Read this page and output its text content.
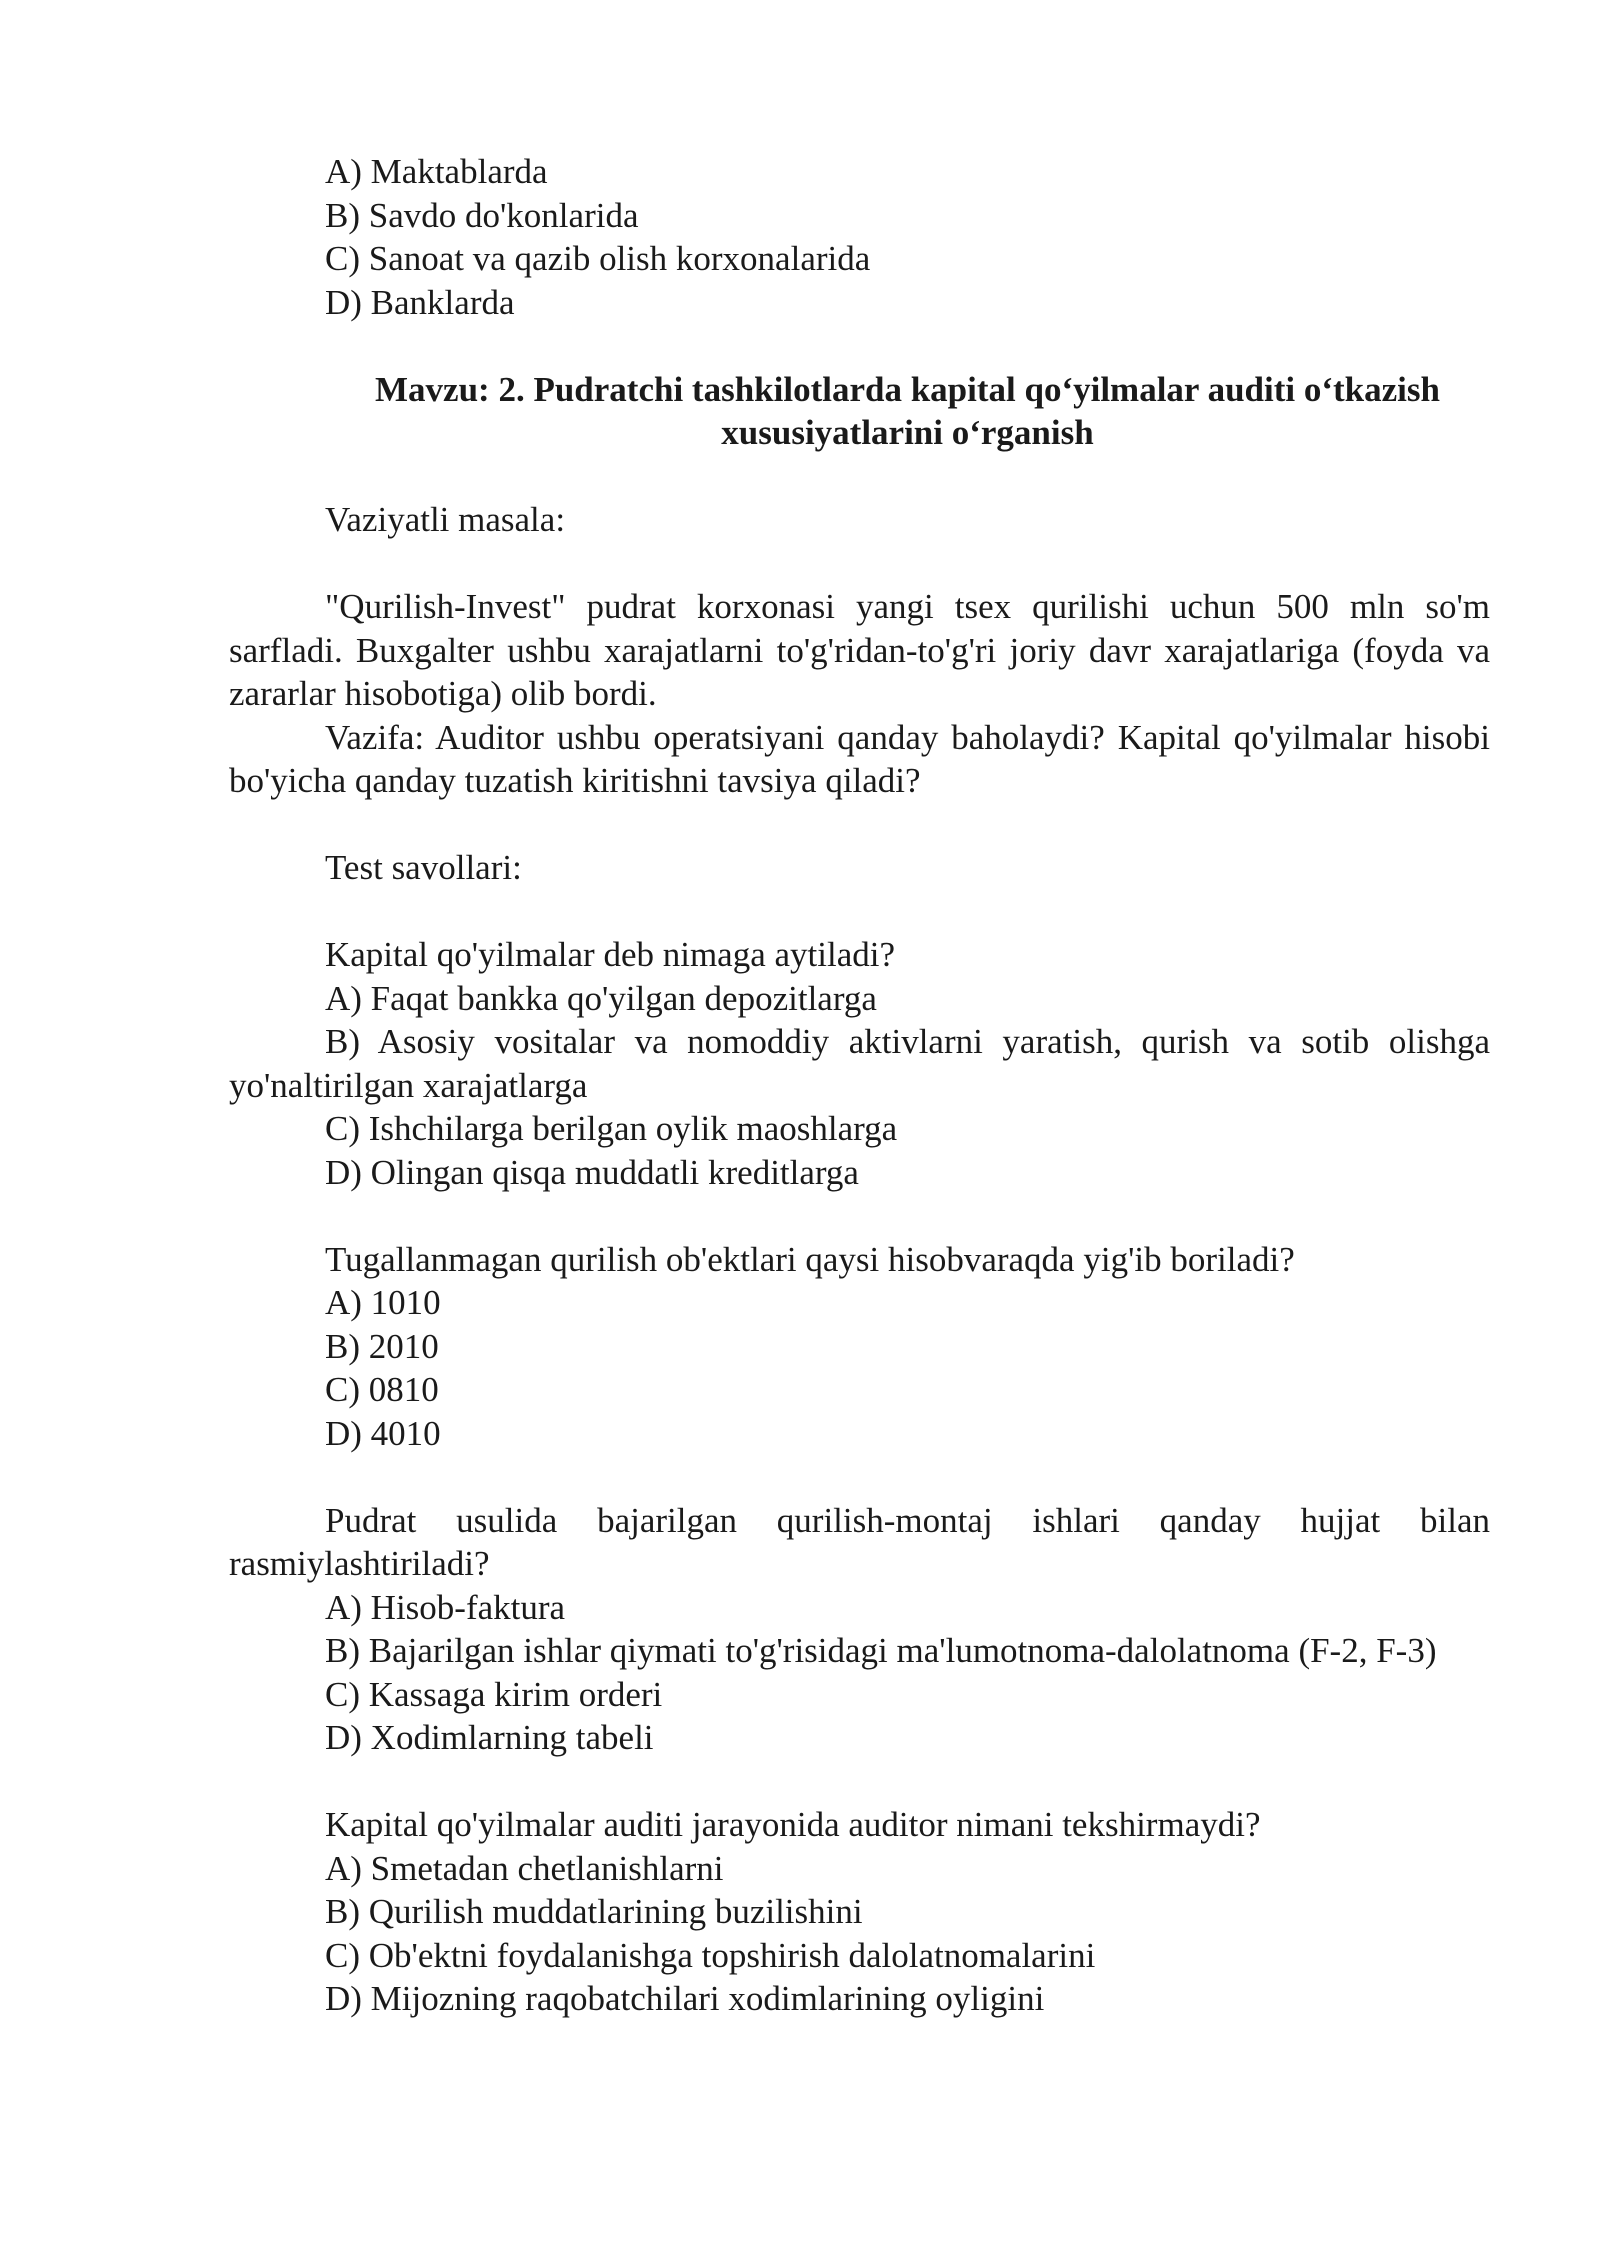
A) Maktablarda

B) Savdo do'konlarida

C) Sanoat va qazib olish korxonalarida

D) Banklarda

Mavzu: 2. Pudratchi tashkilotlarda kapital qo‘yilmalar auditi o‘tkazish
xususiyatlarini o‘rganish

Vaziyatli masala:

"Qurilish-Invest" pudrat korxonasi yangi tsex qurilishi uchun 500 mln so'm sarfladi. Buxgalter ushbu xarajatlarni to'g'ridan-to'g'ri joriy davr xarajatlariga (foyda va zararlar hisobotiga) olib bordi.

Vazifa: Auditor ushbu operatsiyani qanday baholaydi? Kapital qo'yilmalar hisobi bo'yicha qanday tuzatish kiritishni tavsiya qiladi?

Test savollari:

Kapital qo'yilmalar deb nimaga aytiladi?

A) Faqat bankka qo'yilgan depozitlarga

B) Asosiy vositalar va nomoddiy aktivlarni yaratish, qurish va sotib olishga yo'naltirilgan xarajatlarga

C) Ishchilarga berilgan oylik maoshlarga

D) Olingan qisqa muddatli kreditlarga

Tugallanmagan qurilish ob'ektlari qaysi hisobvaraqda yig'ib boriladi?

A) 1010

B) 2010

C) 0810

D) 4010

Pudrat usulida bajarilgan qurilish-montaj ishlari qanday hujjat bilan rasmiylashtiriladi?

A) Hisob-faktura

B) Bajarilgan ishlar qiymati to'g'risidagi ma'lumotnoma-dalolatnoma (F-2, F-3)

C) Kassaga kirim orderi

D) Xodimlarning tabeli

Kapital qo'yilmalar auditi jarayonida auditor nimani tekshirmaydi?

A) Smetadan chetlanishlarni

B) Qurilish muddatlarining buzilishini

C) Ob'ektni foydalanishga topshirish dalolatnomalarini

D) Mijozning raqobatchilari xodimlarining oyligini
